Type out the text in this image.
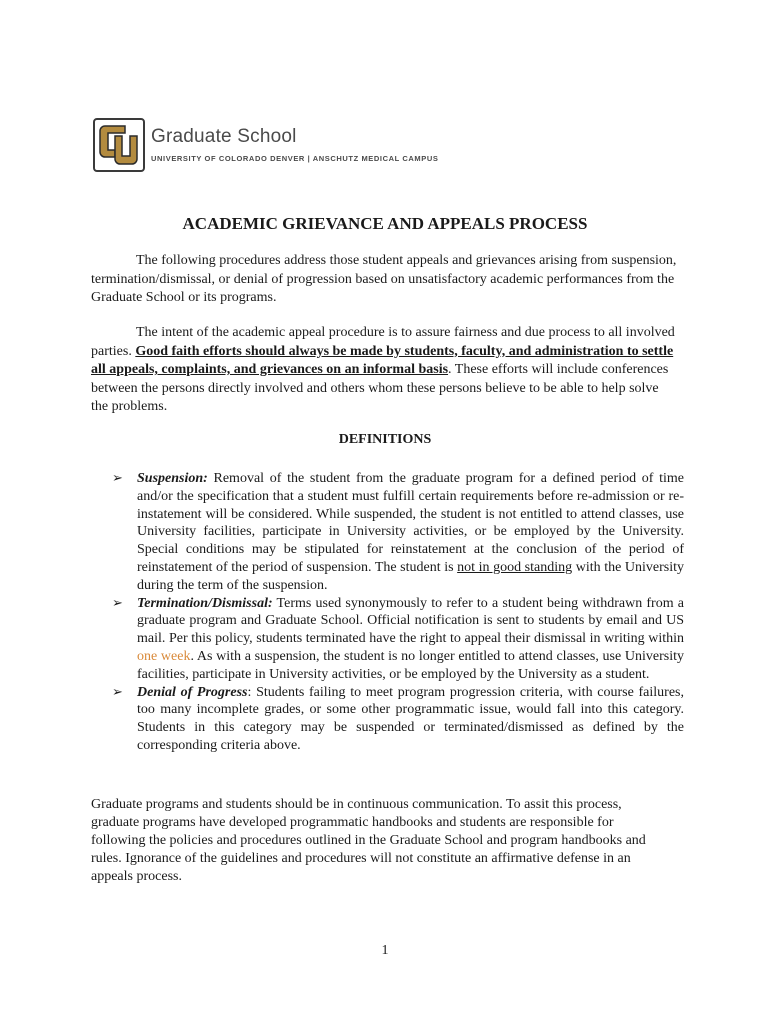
Graduate School
UNIVERSITY OF COLORADO DENVER | ANSCHUTZ MEDICAL CAMPUS
ACADEMIC GRIEVANCE AND APPEALS PROCESS

The following procedures address those student appeals and grievances arising from suspension, termination/dismissal, or denial of progression based on unsatisfactory academic performances from the Graduate School or its programs.

The intent of the academic appeal procedure is to assure fairness and due process to all involved parties. Good faith efforts should always be made by students, faculty, and administration to settle all appeals, complaints, and grievances on an informal basis. These efforts will include conferences between the persons directly involved and others whom these persons believe to be able to help solve the problems.

DEFINITIONS
➢ Suspension: Removal of the student from the graduate program for a defined period of time and/or the specification that a student must fulfill certain requirements before re-admission or re-instatement will be considered. While suspended, the student is not entitled to attend classes, use University facilities, participate in University activities, or be employed by the University. Special conditions may be stipulated for reinstatement at the conclusion of the period of reinstatement of the period of suspension. The student is not in good standing with the University during the term of the suspension.
➢ Termination/Dismissal: Terms used synonymously to refer to a student being withdrawn from a graduate program and Graduate School. Official notification is sent to students by email and US mail. Per this policy, students terminated have the right to appeal their dismissal in writing within one week. As with a suspension, the student is no longer entitled to attend classes, use University facilities, participate in University activities, or be employed by the University as a student.
➢ Denial of Progress: Students failing to meet program progression criteria, with course failures, too many incomplete grades, or some other programmatic issue, would fall into this category. Students in this category may be suspended or terminated/dismissed as defined by the corresponding criteria above.

Graduate programs and students should be in continuous communication. To assit this process, graduate programs have developed programmatic handbooks and students are responsible for following the policies and procedures outlined in the Graduate School and program handbooks and rules. Ignorance of the guidelines and procedures will not constitute an affirmative defense in an appeals process.

1
